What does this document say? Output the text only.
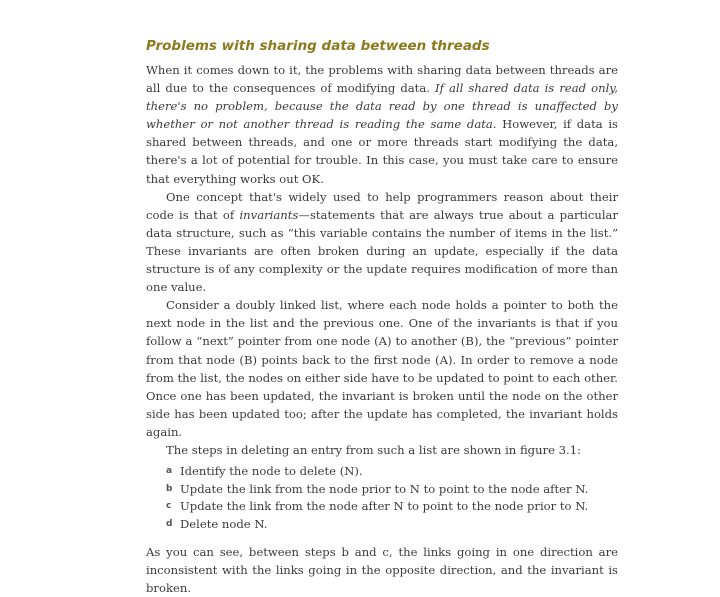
Problems with sharing data between threads

When it comes down to it, the problems with sharing data between threads are all due to the consequences of modifying data. If all shared data is read only, there's no problem, because the data read by one thread is unaffected by whether or not another thread is reading the same data. However, if data is shared between threads, and one or more threads start modifying the data, there's a lot of potential for trouble. In this case, you must take care to ensure that everything works out OK.

One concept that's widely used to help programmers reason about their code is that of invariants—statements that are always true about a particular data structure, such as “this variable contains the number of items in the list.” These invariants are often broken during an update, especially if the data structure is of any complexity or the update requires modification of more than one value.

Consider a doubly linked list, where each node holds a pointer to both the next node in the list and the previous one. One of the invariants is that if you follow a “next” pointer from one node (A) to another (B), the “previous” pointer from that node (B) points back to the first node (A). In order to remove a node from the list, the nodes on either side have to be updated to point to each other. Once one has been updated, the invariant is broken until the node on the other side has been updated too; after the update has completed, the invariant holds again.

The steps in deleting an entry from such a list are shown in figure 3.1:

a Identify the node to delete (N).
b Update the link from the node prior to N to point to the node after N.
c Update the link from the node after N to point to the node prior to N.
d Delete node N.

As you can see, between steps b and c, the links going in one direction are inconsistent with the links going in the opposite direction, and the invariant is broken.
